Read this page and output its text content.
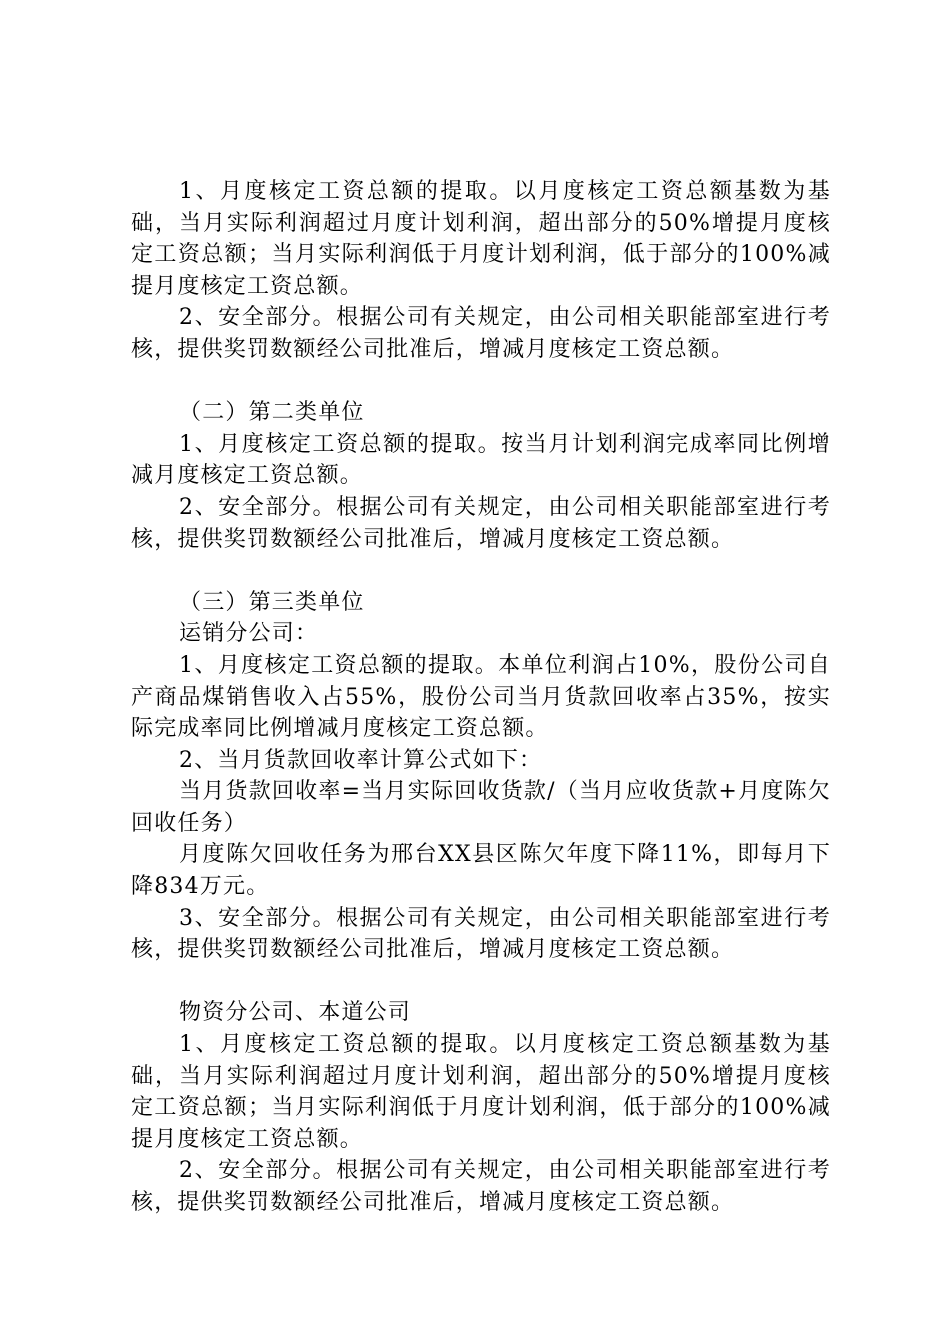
1、月度核定工资总额的提取。以月度核定工资总额基数为基础，当月实际利润超过月度计划利润，超出部分的50%增提月度核定工资总额；当月实际利润低于月度计划利润，低于部分的100%减提月度核定工资总额。

2、安全部分。根据公司有关规定，由公司相关职能部室进行考核，提供奖罚数额经公司批准后，增减月度核定工资总额。

（二）第二类单位

1、月度核定工资总额的提取。按当月计划利润完成率同比例增减月度核定工资总额。

2、安全部分。根据公司有关规定，由公司相关职能部室进行考核，提供奖罚数额经公司批准后，增减月度核定工资总额。

（三）第三类单位

运销分公司：

1、月度核定工资总额的提取。本单位利润占10%，股份公司自产商品煤销售收入占55%，股份公司当月货款回收率占35%，按实际完成率同比例增减月度核定工资总额。

2、当月货款回收率计算公式如下：

当月货款回收率=当月实际回收货款/（当月应收货款+月度陈欠回收任务）

月度陈欠回收任务为邢台XX县区陈欠年度下降11%，即每月下降834万元。

3、安全部分。根据公司有关规定，由公司相关职能部室进行考核，提供奖罚数额经公司批准后，增减月度核定工资总额。

物资分公司、本道公司

1、月度核定工资总额的提取。以月度核定工资总额基数为基础，当月实际利润超过月度计划利润，超出部分的50%增提月度核定工资总额；当月实际利润低于月度计划利润，低于部分的100%减提月度核定工资总额。

2、安全部分。根据公司有关规定，由公司相关职能部室进行考核，提供奖罚数额经公司批准后，增减月度核定工资总额。
